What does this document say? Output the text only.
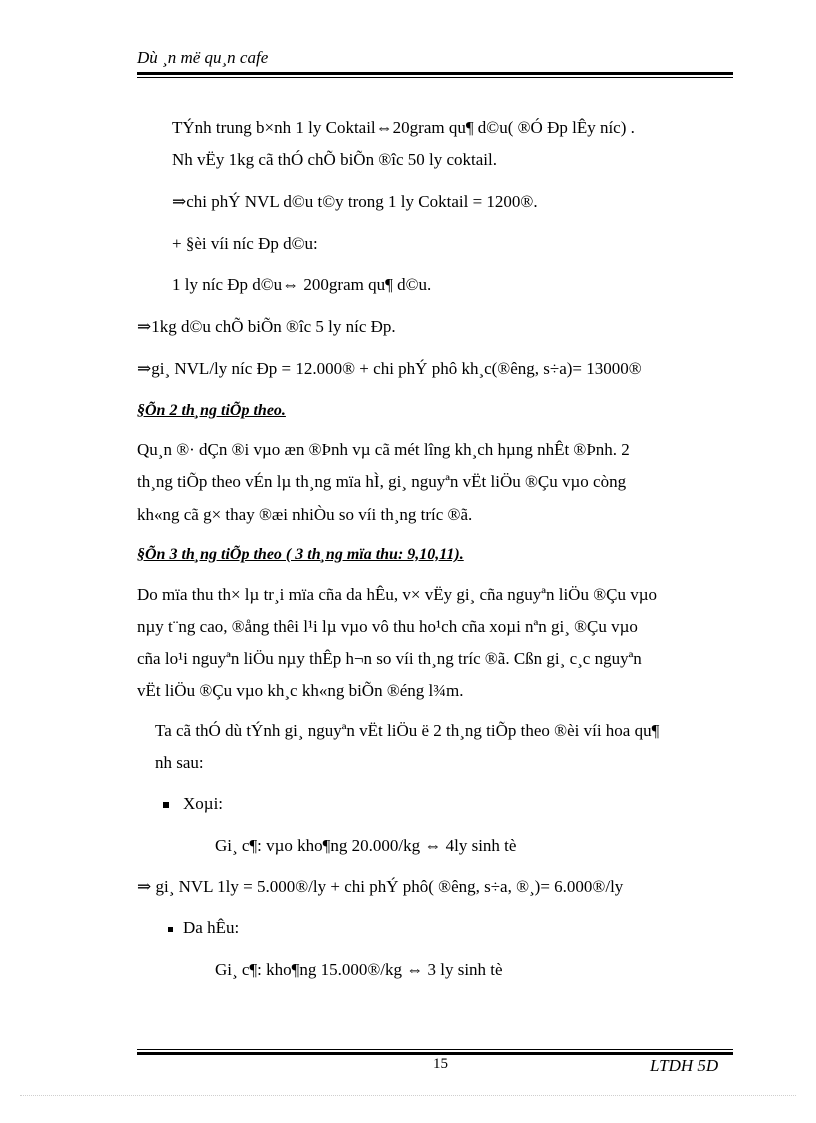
Dù ¸n më qu¸n cafe
TÝnh trung b×nh 1 ly Coktail⇔20gram qu¶ d©u( ®Ó Ðp lÊy níc) .
Nh vËy 1kg cã thÓ chÕ biÕn ®îc 50 ly coktail.
⇒chi phÝ NVL d©u t©y trong 1 ly Coktail = 1200®.
+ §èi víi níc Ðp d©u:
1 ly níc Ðp d©u⇔ 200gram qu¶ d©u.
⇒1kg d©u chÕ biÕn ®îc 5 ly níc Ðp.
⇒gi¸ NVL/ly níc Ðp = 12.000® + chi phÝ phô kh¸c(®êng, s÷a)= 13000®
§Õn 2 th¸ng tiÕp theo.
Qu¸n ®· dÇn ®i vµo æn ®Þnh vµ cã mét lîng kh¸ch hµng nhÊt ®Þnh. 2
th¸ng tiÕp theo vÉn lµ th¸ng mïa hÌ, gi¸ nguyªn vËt liÖu ®Çu vµo còng
kh«ng cã g× thay ®æi nhiÒu so víi th¸ng tríc ®ã.
§Õn 3 th¸ng tiÕp theo ( 3 th¸ng mïa thu: 9,10,11).
Do mïa thu th× lµ tr¸i mïa cña da hÊu, v× vËy gi¸ cña nguyªn liÖu ®Çu vµo
nµy t¨ng cao, ®ång thêi l¹i lµ vµo vô thu ho¹ch cña xoµi nªn gi¸ ®Çu vµo
cña lo¹i nguyªn liÖu nµy thÊp h¬n so víi th¸ng tríc ®ã. Cßn gi¸ c¸c nguyªn
vËt liÖu ®Çu vµo kh¸c kh«ng biÕn ®éng l¾m.
Ta cã thÓ dù tÝnh gi¸ nguyªn vËt liÖu ë 2 th¸ng tiÕp theo ®èi víi hoa qu¶
nh sau:
Xoµi:
Gi¸ c¶: vµo kho¶ng 20.000/kg ⇔ 4ly sinh tè
⇒ gi¸ NVL 1ly = 5.000®/ly + chi phÝ phô( ®êng, s÷a, ®¸)= 6.000®/ly
Da hÊu:
Gi¸ c¶: kho¶ng 15.000®/kg ⇔ 3 ly sinh tè
15	LTDH 5D
